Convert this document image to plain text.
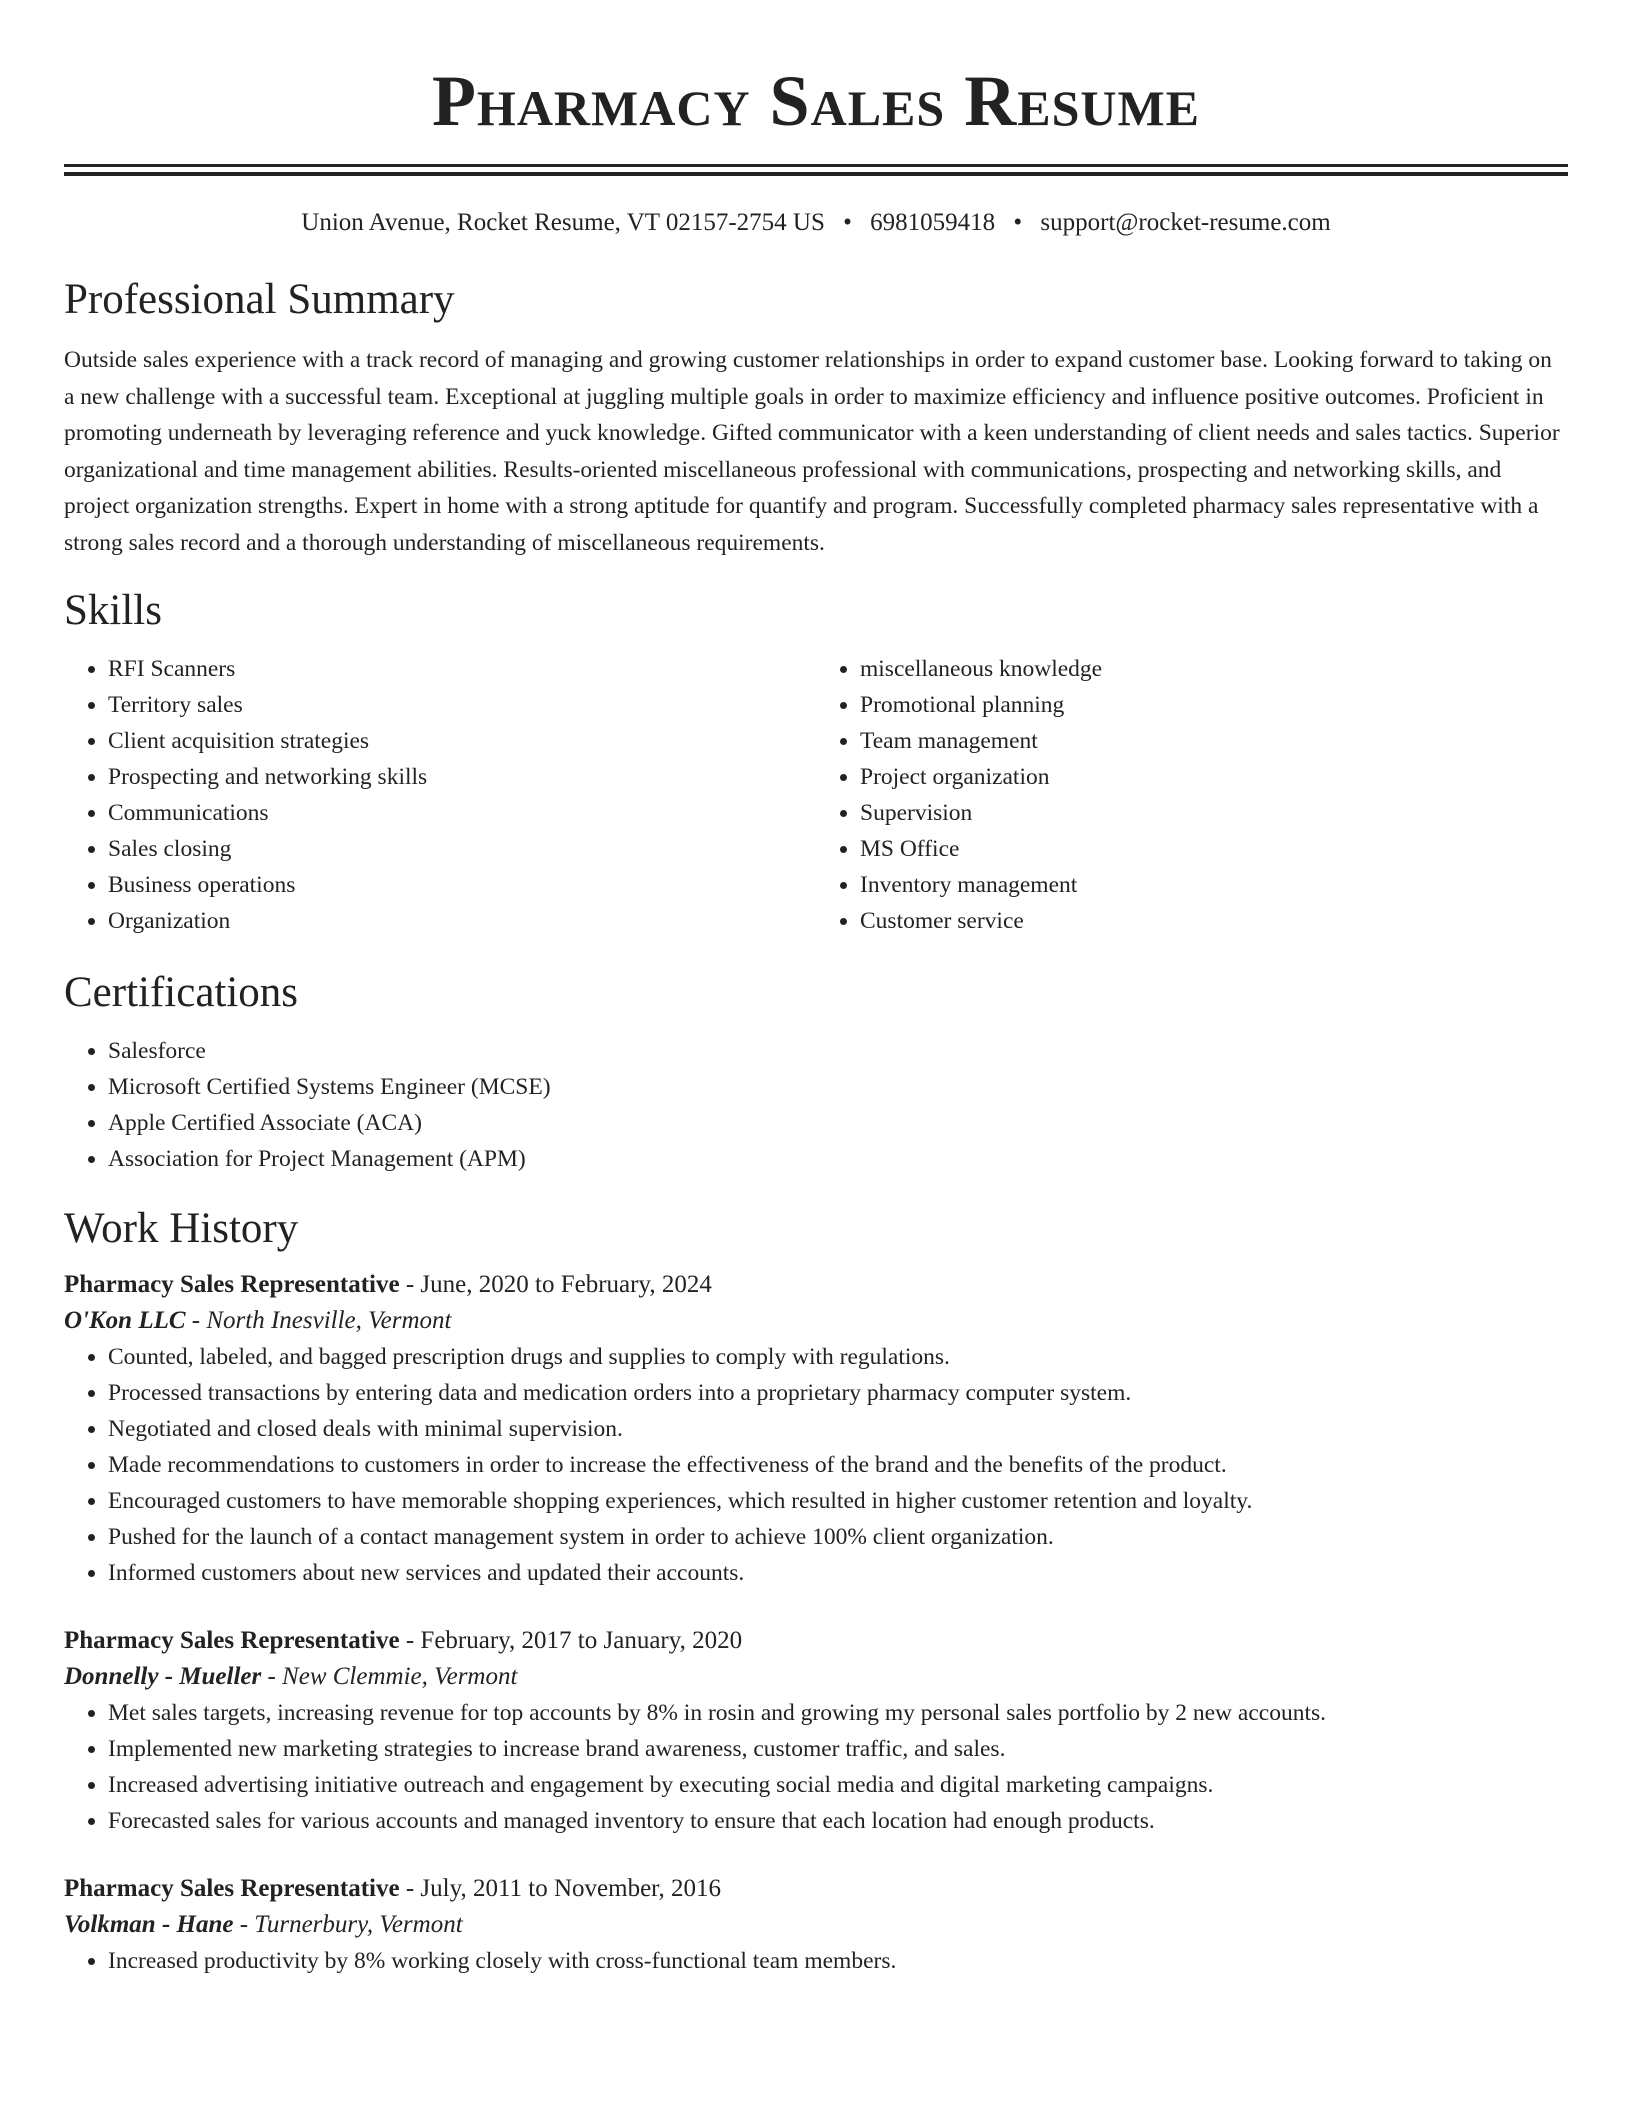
Pharmacy Sales Resume
Union Avenue, Rocket Resume, VT 02157-2754 US • 6981059418 • support@rocket-resume.com
Professional Summary

Outside sales experience with a track record of managing and growing customer relationships in order to expand customer base. Looking forward to taking on a new challenge with a successful team. Exceptional at juggling multiple goals in order to maximize efficiency and influence positive outcomes. Proficient in promoting underneath by leveraging reference and yuck knowledge. Gifted communicator with a keen understanding of client needs and sales tactics. Superior organizational and time management abilities. Results-oriented miscellaneous professional with communications, prospecting and networking skills, and project organization strengths. Expert in home with a strong aptitude for quantify and program. Successfully completed pharmacy sales representative with a strong sales record and a thorough understanding of miscellaneous requirements.

Skills
• RFI Scanners
• Territory sales
• Client acquisition strategies
• Prospecting and networking skills
• Communications
• Sales closing
• Business operations
• Organization
• miscellaneous knowledge
• Promotional planning
• Team management
• Project organization
• Supervision
• MS Office
• Inventory management
• Customer service
Certifications
• Salesforce
• Microsoft Certified Systems Engineer (MCSE)
• Apple Certified Associate (ACA)
• Association for Project Management (APM)
Work History
Pharmacy Sales Representative - June, 2020 to February, 2024
O'Kon LLC - North Inesville, Vermont
• Counted, labeled, and bagged prescription drugs and supplies to comply with regulations.
• Processed transactions by entering data and medication orders into a proprietary pharmacy computer system.
• Negotiated and closed deals with minimal supervision.
• Made recommendations to customers in order to increase the effectiveness of the brand and the benefits of the product.
• Encouraged customers to have memorable shopping experiences, which resulted in higher customer retention and loyalty.
• Pushed for the launch of a contact management system in order to achieve 100% client organization.
• Informed customers about new services and updated their accounts.
Pharmacy Sales Representative - February, 2017 to January, 2020
Donnelly - Mueller - New Clemmie, Vermont
• Met sales targets, increasing revenue for top accounts by 8% in rosin and growing my personal sales portfolio by 2 new accounts.
• Implemented new marketing strategies to increase brand awareness, customer traffic, and sales.
• Increased advertising initiative outreach and engagement by executing social media and digital marketing campaigns.
• Forecasted sales for various accounts and managed inventory to ensure that each location had enough products.
Pharmacy Sales Representative - July, 2011 to November, 2016
Volkman - Hane - Turnerbury, Vermont
• Increased productivity by 8% working closely with cross-functional team members.
